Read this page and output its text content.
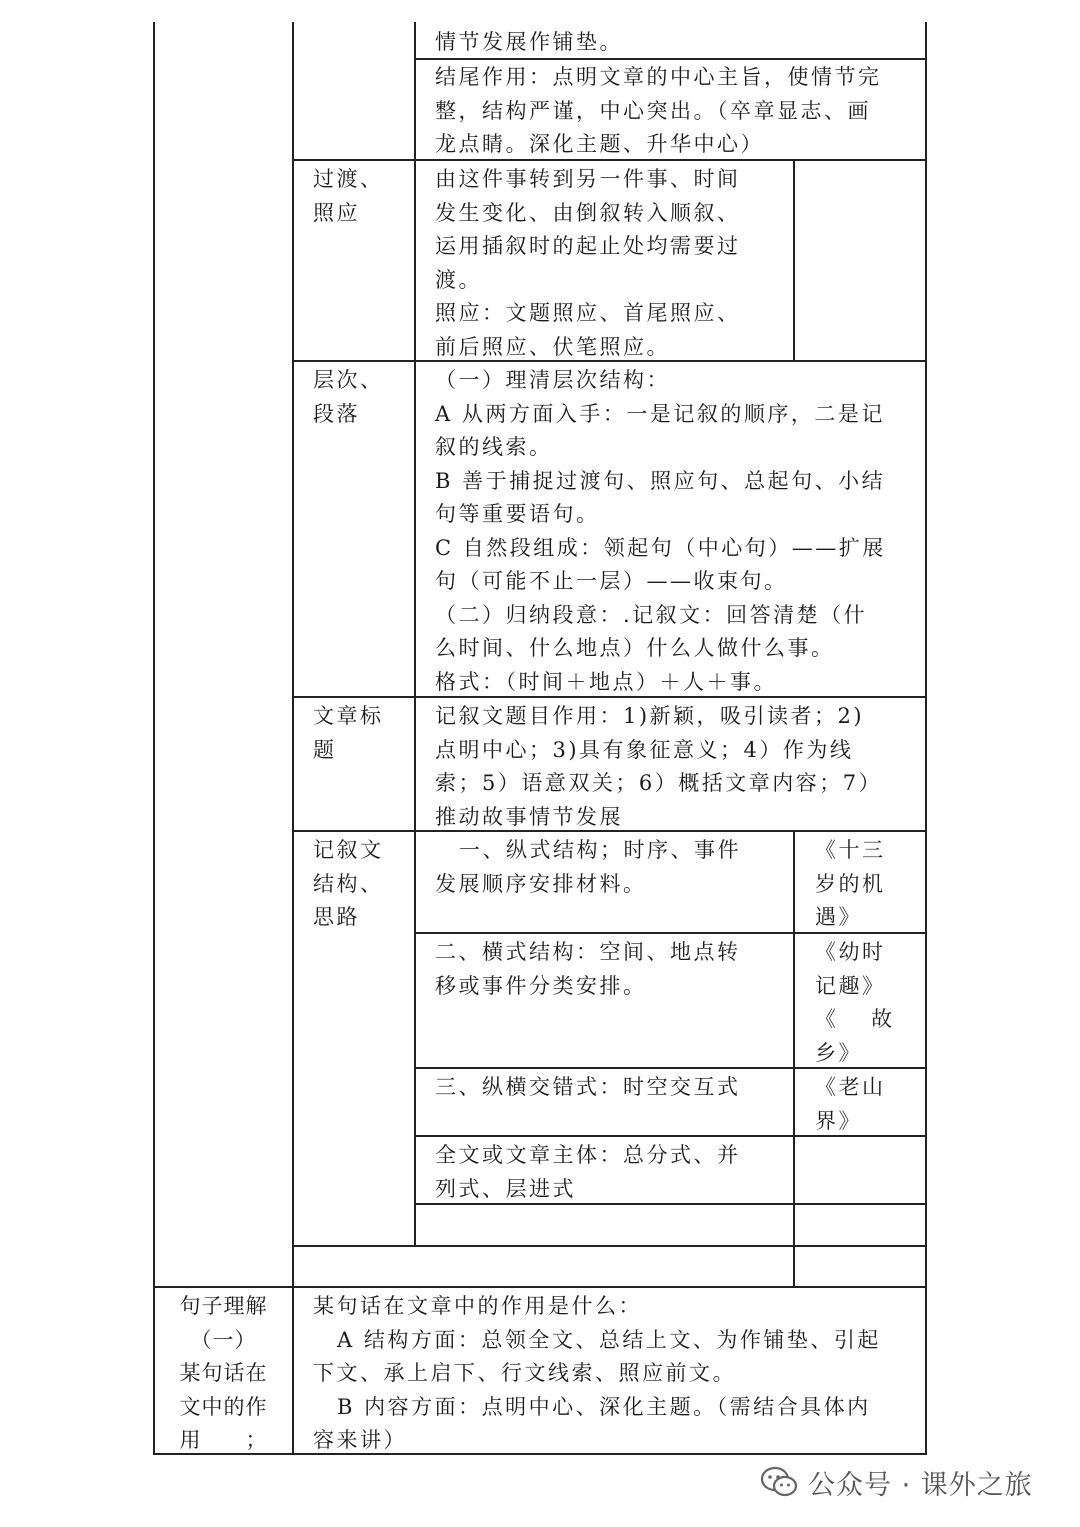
情节发展作铺垫。
结尾作用：点明文章的中心主旨，使情节完
整，结构严谨，中心突出。（卒章显志、画
龙点睛。深化主题、升华中心）
过渡、
照应
由这件事转到另一件事、时间
发生变化、由倒叙转入顺叙、
运用插叙时的起止处均需要过
渡。
照应：文题照应、首尾照应、
前后照应、伏笔照应。
层次、
段落
（一）理清层次结构：
A 从两方面入手：一是记叙的顺序，二是记
叙的线索。
B 善于捕捉过渡句、照应句、总起句、小结
句等重要语句。
C 自然段组成：领起句（中心句）——扩展
句（可能不止一层）——收束句。
（二）归纳段意：.记叙文：回答清楚（什
么时间、什么地点）什么人做什么事。
格式：（时间＋地点）＋人＋事。
文章标
题
记叙文题目作用：1)新颖，吸引读者；2)
点明中心；3)具有象征意义；4）作为线
索；5）语意双关；6）概括文章内容；7）
推动故事情节发展
记叙文
结构、
思路
一、纵式结构；时序、事件
发展顺序安排材料。
《十三
岁的机
遇》
二、横式结构：空间、地点转
移或事件分类安排。
《幼时
记趣》
《　 故
乡》
三、纵横交错式：时空交互式	《老山
界》
全文或文章主体：总分式、并
列式、层进式
句子理解
（一）
某句话在
文中的作
用　　；
某句话在文章中的作用是什么：
A 结构方面：总领全文、总结上文、为作铺垫、引起
下文、承上启下、行文线索、照应前文。
B 内容方面：点明中心、深化主题。（需结合具体内
容来讲）
公众号 · 课外之旅
